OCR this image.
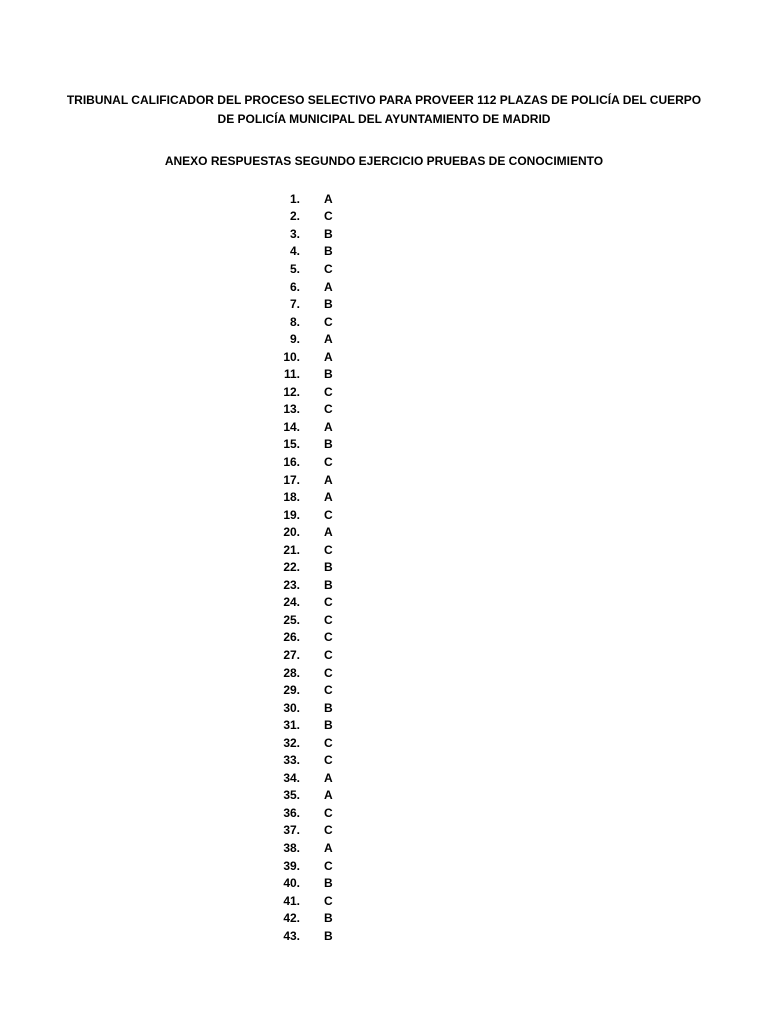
TRIBUNAL CALIFICADOR DEL PROCESO SELECTIVO PARA PROVEER 112 PLAZAS DE POLICÍA DEL CUERPO
DE POLICÍA MUNICIPAL DEL AYUNTAMIENTO DE MADRID
ANEXO RESPUESTAS SEGUNDO EJERCICIO PRUEBAS DE CONOCIMIENTO
1. A
2. C
3. B
4. B
5. C
6. A
7. B
8. C
9. A
10. A
11. B
12. C
13. C
14. A
15. B
16. C
17. A
18. A
19. C
20. A
21. C
22. B
23. B
24. C
25. C
26. C
27. C
28. C
29. C
30. B
31. B
32. C
33. C
34. A
35. A
36. C
37. C
38. A
39. C
40. B
41. C
42. B
43. B
